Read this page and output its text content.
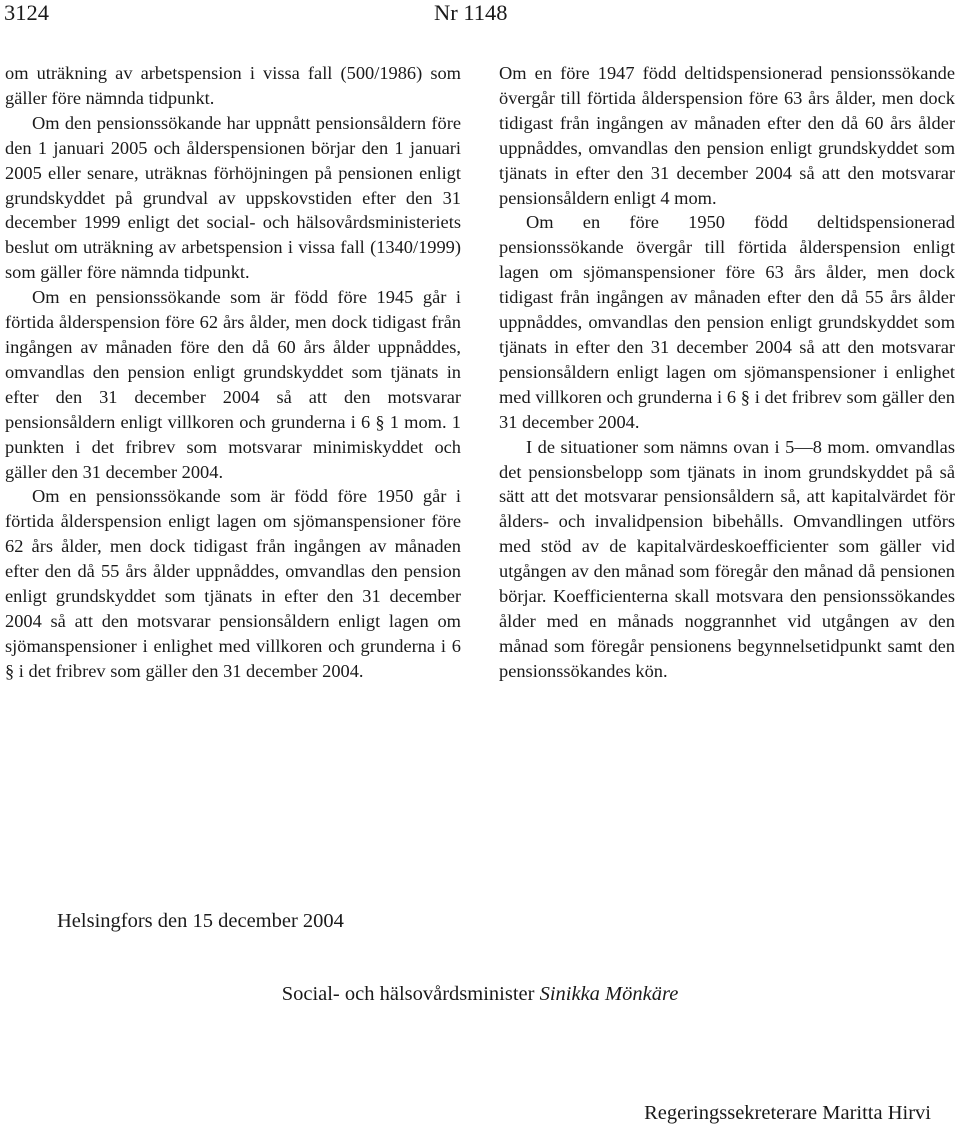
3124	Nr 1148

om uträkning av arbetspension i vissa fall (500/1986) som gäller före nämnda tidpunkt.

Om den pensionssökande har uppnått pensionsåldern före den 1 januari 2005 och ålderspensionen börjar den 1 januari 2005 eller senare, uträknas förhöjningen på pensionen enligt grundskyddet på grundval av uppskovstiden efter den 31 december 1999 enligt det social- och hälsovårdsministeriets beslut om uträkning av arbetspension i vissa fall (1340/1999) som gäller före nämnda tidpunkt.

Om en pensionssökande som är född före 1945 går i förtida ålderspension före 62 års ålder, men dock tidigast från ingången av månaden före den då 60 års ålder uppnåddes, omvandlas den pension enligt grundskyddet som tjänats in efter den 31 december 2004 så att den motsvarar pensionsåldern enligt villkoren och grunderna i 6 § 1 mom. 1 punkten i det fribrev som motsvarar minimiskyddet och gäller den 31 december 2004.

Om en pensionssökande som är född före 1950 går i förtida ålderspension enligt lagen om sjömanspensioner före 62 års ålder, men dock tidigast från ingången av månaden efter den då 55 års ålder uppnåddes, omvandlas den pension enligt grundskyddet som tjänats in efter den 31 december 2004 så att den motsvarar pensionsåldern enligt lagen om sjömanspensioner i enlighet med villkoren och grunderna i 6 § i det fribrev som gäller den 31 december 2004.

Om en före 1947 född deltidspensionerad pensionssökande övergår till förtida ålderspension före 63 års ålder, men dock tidigast från ingången av månaden efter den då 60 års ålder uppnåddes, omvandlas den pension enligt grundskyddet som tjänats in efter den 31 december 2004 så att den motsvarar pensionsåldern enligt 4 mom.

Om en före 1950 född deltidspensionerad pensionssökande övergår till förtida ålderspension enligt lagen om sjömanspensioner före 63 års ålder, men dock tidigast från ingången av månaden efter den då 55 års ålder uppnåddes, omvandlas den pension enligt grundskyddet som tjänats in efter den 31 december 2004 så att den motsvarar pensionsåldern enligt lagen om sjömanspensioner i enlighet med villkoren och grunderna i 6 § i det fribrev som gäller den 31 december 2004.

I de situationer som nämns ovan i 5—8 mom. omvandlas det pensionsbelopp som tjänats in inom grundskyddet på så sätt att det motsvarar pensionsåldern så, att kapitalvärdet för ålders- och invalidpension bibehålls. Omvandlingen utförs med stöd av de kapitalvärdeskoefficienter som gäller vid utgången av den månad som föregår den månad då pensionen börjar. Koefficienterna skall motsvara den pensionssökandes ålder med en månads noggrannhet vid utgången av den månad som föregår pensionens begynnelsetidpunkt samt den pensionssökandes kön.

Helsingfors den 15 december 2004
Social- och hälsovårdsminister Sinikka Mönkäre
Regeringssekreterare Maritta Hirvi
